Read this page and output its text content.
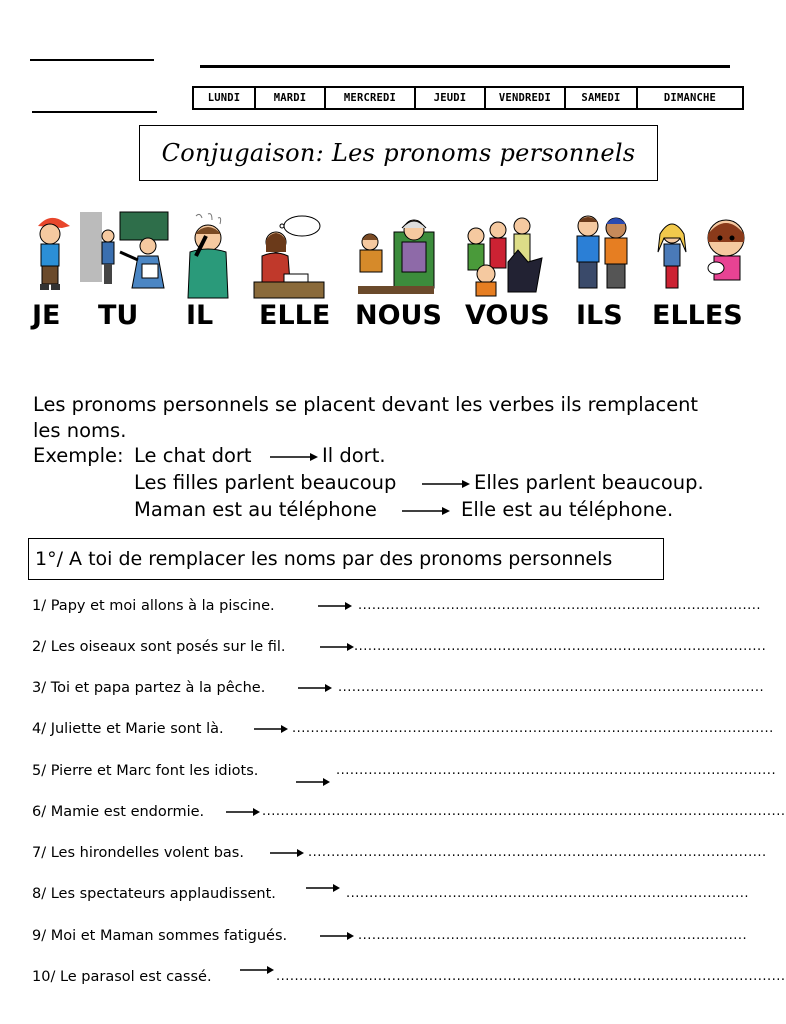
LUNDI	MARDI	MERCREDI	JEUDI	VENDREDI	SAMEDI	DIMANCHE
Conjugaison: Les pronoms personnels
JE TU IL ELLE NOUS VOUS ILS ELLES
Les pronoms personnels se placent devant les verbes ils remplacent
les noms.
Exemple: Le chat dort	Il dort.
Les filles parlent beaucoup	Elles parlent beaucoup.
Maman est au téléphone	Elle est au téléphone.
1°/ A toi de remplacer les noms par des pronoms personnels
1/ Papy et moi allons à la piscine.	.......................................................................................
2/ Les oiseaux sont posés sur le fil.	.........................................................................................
3/ Toi et papa partez à la pêche.	............................................................................................
4/ Juliette et Marie sont là.	........................................................................................................
5/ Pierre et Marc font les idiots.	...............................................................................................
6/ Mamie est endormie.	.................................................................................................................
7/ Les hirondelles volent bas.	...................................................................................................
8/ Les spectateurs applaudissent.	.......................................................................................
9/ Moi et Maman sommes fatigués.	....................................................................................
10/ Le parasol est cassé.	..............................................................................................................
